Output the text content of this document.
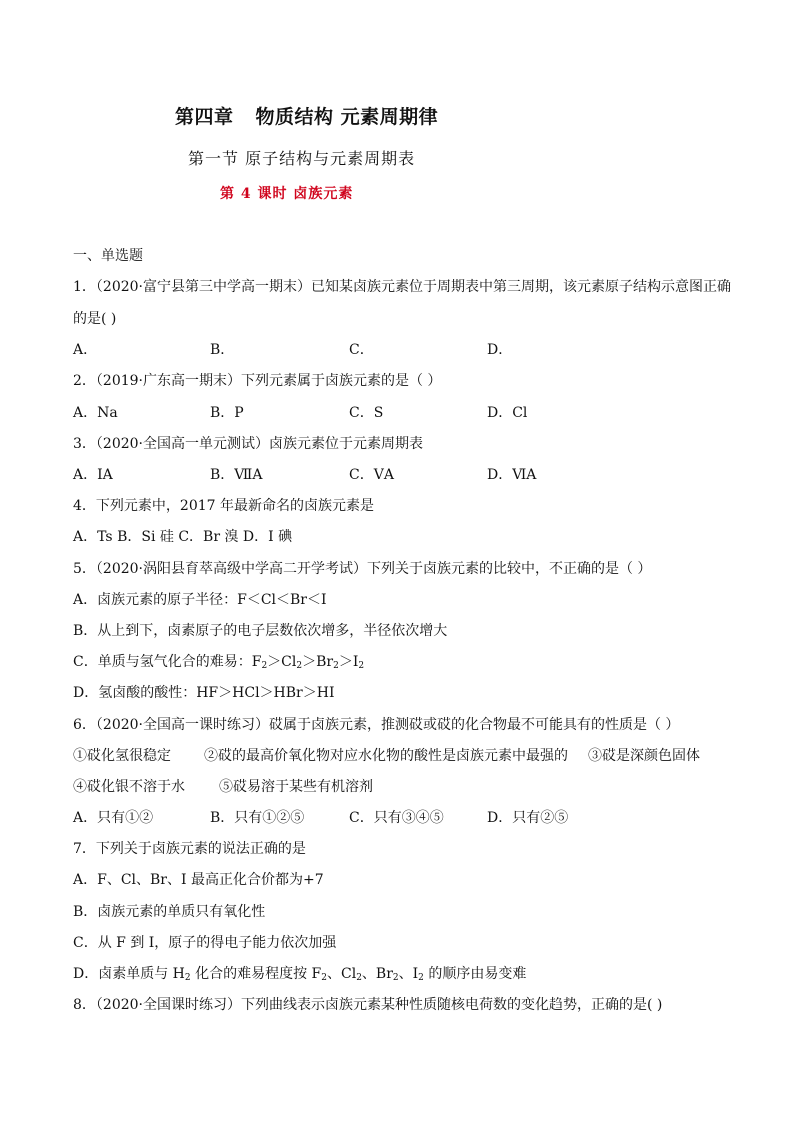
第四章 物质结构 元素周期律
第一节 原子结构与元素周期表
第 4 课时 卤族元素
一、单选题
1．（2020·富宁县第三中学高一期末）已知某卤族元素位于周期表中第三周期，该元素原子结构示意图正确
的是( )
A．	B．	C．	D．
2．（2019·广东高一期末）下列元素属于卤族元素的是（ ）
A．Na	B．P	C．S	D．Cl
3．（2020·全国高一单元测试）卤族元素位于元素周期表
A．ⅠA	B．ⅦA	C．ⅤA	D．ⅥA
4．下列元素中，2017 年最新命名的卤族元素是
A．Ts B．Si 硅 C．Br 溴 D．I 碘
5．（2020·涡阳县育萃高级中学高二开学考试）下列关于卤族元素的比较中，不正确的是（ ）
A．卤族元素的原子半径：F＜Cl＜Br＜I
B．从上到下，卤素原子的电子层数依次增多，半径依次增大
C．单质与氢气化合的难易：$F_2>Cl_2>Br_2>I_2$
D．氢卤酸的酸性：HF＞HCl＞HBr＞HI
6．（2020·全国高一课时练习）砹属于卤族元素，推测砹或砹的化合物最不可能具有的性质是（ ）
①砹化氢很稳定 ②砹的最高价氧化物对应水化物的酸性是卤族元素中最强的 ③砹是深颜色固体
④砹化银不溶于水 ⑤砹易溶于某些有机溶剂
A．只有①②	B．只有①②⑤	C．只有③④⑤	D．只有②⑤
7．下列关于卤族元素的说法正确的是
A．F、Cl、Br、I 最高正化合价都为+7
B．卤族元素的单质只有氧化性
C．从 F 到 I，原子的得电子能力依次加强
D．卤素单质与 $H_2$ 化合的难易程度按 $F_2$、$Cl_2$、$Br_2$、$I_2$ 的顺序由易变难
8．（2020·全国课时练习）下列曲线表示卤族元素某种性质随核电荷数的变化趋势，正确的是( )
